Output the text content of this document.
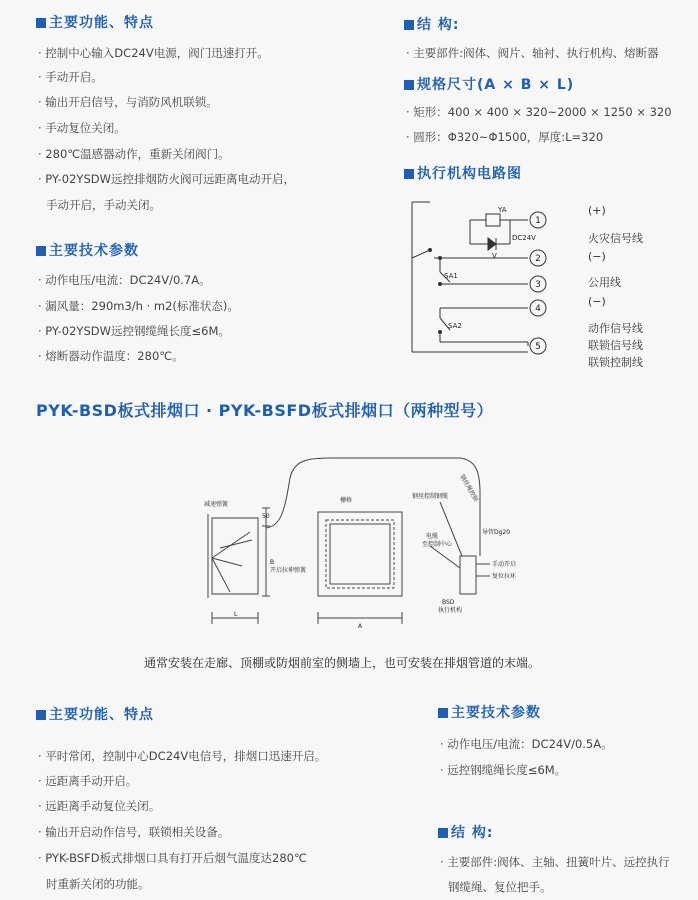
主要功能、特点
· 控制中心输入DC24V电源，阀门迅速打开。
· 手动开启。
· 输出开启信号，与消防风机联锁。
· 手动复位关闭。
· 280℃温感器动作，重新关闭阀门。
· PY-02YSDW远控排烟防火阀可远距离电动开启，
手动开启，手动关闭。
主要技术参数
· 动作电压/电流：DC24V/0.7A。
· 漏风量：290m3/h · m2(标准状态)。
· PY-02YSDW远控钢缆绳长度≤6M。
· 熔断器动作温度：280℃。
结 构:
· 主要部件:阀体、阀片、轴衬、执行机构、熔断器
规格尺寸(A × B × L)
· 矩形：400 × 400 × 320~2000 × 1250 × 320
· 圆形：Φ320~Φ1500，厚度:L=320
执行机构电路图
1
2
3
4
5
YA
DC24V
V
SA1
SA2
(+)
火灾信号线
(−)
公用线
(−)
动作信号线
联锁信号线
联锁控制线
PYK-BSD板式排烟口 · PYK-BSFD板式排烟口（两种型号）
减速弹簧
50
B
开启拉伸弹簧
L
栅格
A
钢丝绳控制
钢丝控制钢缆
电缆
至控制中心
导管Dg20
手动开启
复位拉环
BSD
执行机构
通常安装在走廊、顶棚或防烟前室的侧墙上，也可安装在排烟管道的末端。
主要功能、特点
· 平时常闭，控制中心DC24V电信号，排烟口迅速开启。
· 远距离手动开启。
· 远距离手动复位关闭。
· 输出开启动作信号，联锁相关设备。
· PYK-BSFD板式排烟口具有打开后烟气温度达280℃
时重新关闭的功能。
主要技术参数
· 动作电压/电流：DC24V/0.5A。
· 远控钢缆绳长度≤6M。
结 构:
· 主要部件:阀体、主轴、扭簧叶片、远控执行
钢缆绳、复位把手。
